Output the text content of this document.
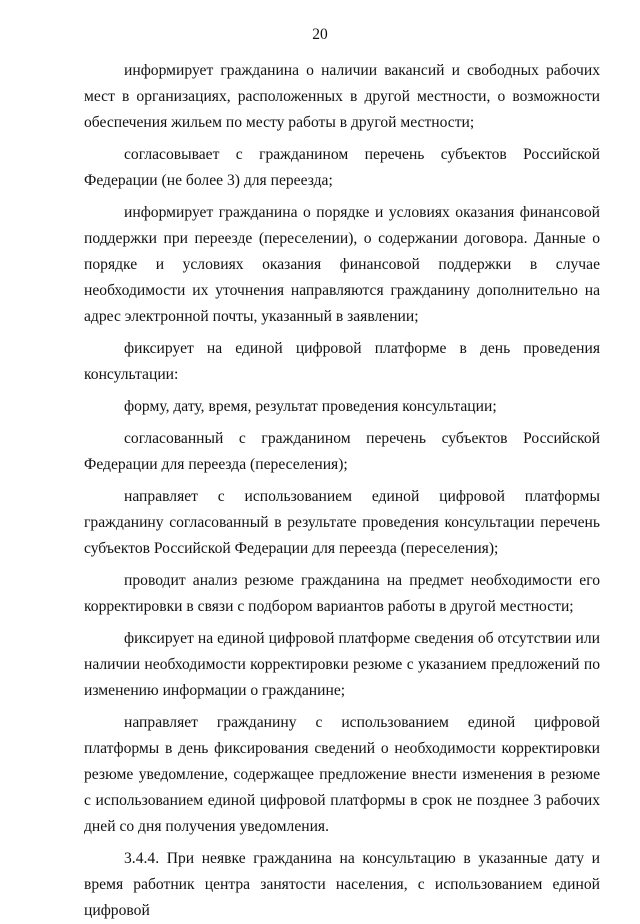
20

информирует гражданина о наличии вакансий и свободных рабочих мест в организациях, расположенных в другой местности, о возможности обеспечения жильем по месту работы в другой местности;

согласовывает с гражданином перечень субъектов Российской Федерации (не более 3) для переезда;

информирует гражданина о порядке и условиях оказания финансовой поддержки при переезде (переселении), о содержании договора. Данные о порядке и условиях оказания финансовой поддержки в случае необходимости их уточнения направляются гражданину дополнительно на адрес электронной почты, указанный в заявлении;

фиксирует на единой цифровой платформе в день проведения консультации:

форму, дату, время, результат проведения консультации;

согласованный с гражданином перечень субъектов Российской Федерации для переезда (переселения);

направляет с использованием единой цифровой платформы гражданину согласованный в результате проведения консультации перечень субъектов Российской Федерации для переезда (переселения);

проводит анализ резюме гражданина на предмет необходимости его корректировки в связи с подбором вариантов работы в другой местности;

фиксирует на единой цифровой платформе сведения об отсутствии или наличии необходимости корректировки резюме с указанием предложений по изменению информации о гражданине;

направляет гражданину с использованием единой цифровой платформы в день фиксирования сведений о необходимости корректировки резюме уведомление, содержащее предложение внести изменения в резюме с использованием единой цифровой платформы в срок не позднее 3 рабочих дней со дня получения уведомления.

3.4.4. При неявке гражданина на консультацию в указанные дату и время работник центра занятости населения, с использованием единой цифровой
